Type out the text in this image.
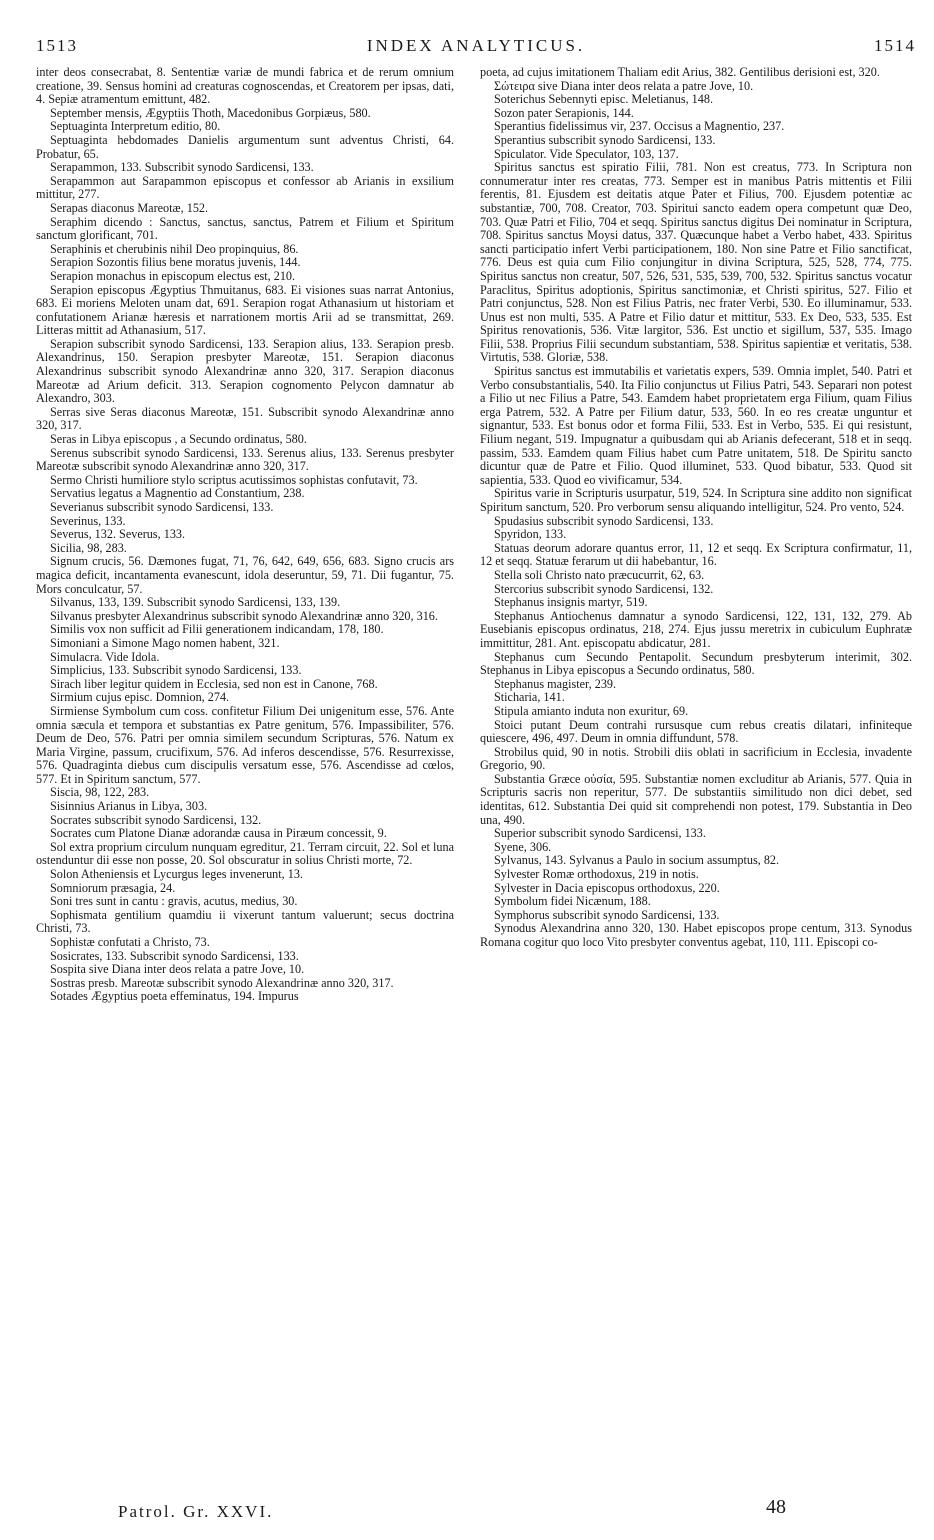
1513	INDEX ANALYTICUS.	1514

inter deos consecrabat, 8. Sententiæ variæ de mundi fabrica et de rerum omnium creatione, 39. Sensus homini ad creaturas cognoscendas, et Creatorem per ipsas, dati, 4. Sepiæ atramentum emittunt, 482.

September mensis, Ægyptiis Thoth, Macedonibus Gorpiæus, 580.

Septuaginta Interpretum editio, 80.

Septuaginta hebdomades Danielis argumentum sunt adventus Christi, 64. Probatur, 65.

Serapammon, 133. Subscribit synodo Sardicensi, 133.

Serapammon aut Sarapammon episcopus et confessor ab Arianis in exsilium mittitur, 277.

Serapas diaconus Mareotæ, 152.

Seraphim dicendo : Sanctus, sanctus, sanctus, Patrem et Filium et Spiritum sanctum glorificant, 701.

Seraphinis et cherubinis nihil Deo propinquius, 86.

Serapion Sozontis filius bene moratus juvenis, 144.

Serapion monachus in episcopum electus est, 210.

Serapion episcopus Ægyptius Thmuitanus, 683. Ei visiones suas narrat Antonius, 683. Ei moriens Meloten unam dat, 691. Serapion rogat Athanasium ut historiam et confutationem Arianæ hæresis et narrationem mortis Arii ad se transmittat, 269. Litteras mittit ad Athanasium, 517.

Serapion subscribit synodo Sardicensi, 133. Serapion alius, 133. Serapion presb. Alexandrinus, 150. Serapion presbyter Mareotæ, 151. Serapion diaconus Alexandrinus subscribit synodo Alexandrinæ anno 320, 317. Serapion diaconus Mareotæ ad Arium deficit. 313. Serapion cognomento Pelycon damnatur ab Alexandro, 303.

Serras sive Seras diaconus Mareotæ, 151. Subscribit synodo Alexandrinæ anno 320, 317.

Seras in Libya episcopus , a Secundo ordinatus, 580.

Serenus subscribit synodo Sardicensi, 133. Serenus alius, 133. Serenus presbyter Mareotæ subscribit synodo Alexandrinæ anno 320, 317.

Sermo Christi humiliore stylo scriptus acutissimos sophistas confutavit, 73.

Servatius legatus a Magnentio ad Constantium, 238.

Severianus subscribit synodo Sardicensi, 133.

Severinus, 133.

Severus, 132. Severus, 133.

Sicilia, 98, 283.

Signum crucis, 56. Dæmones fugat, 71, 76, 642, 649, 656, 683. Signo crucis ars magica deficit, incantamenta evanescunt, idola deseruntur, 59, 71. Dii fugantur, 75. Mors conculcatur, 57.

Silvanus, 133, 139. Subscribit synodo Sardicensi, 133, 139.

Silvanus presbyter Alexandrinus subscribit synodo Alexandrinæ anno 320, 316.

Similis vox non sufficit ad Filii generationem indicandam, 178, 180.

Simoniani a Simone Mago nomen habent, 321.

Simulacra. Vide Idola.

Simplicius, 133. Subscribit synodo Sardicensi, 133.

Sirach liber legitur quidem in Ecclesia, sed non est in Canone, 768.

Sirmium cujus episc. Domnion, 274.

Sirmiense Symbolum cum coss. confitetur Filium Dei unigenitum esse, 576. Ante omnia sæcula et tempora et substantias ex Patre genitum, 576. Impassibiliter, 576. Deum de Deo, 576. Patri per omnia similem secundum Scripturas, 576. Natum ex Maria Virgine, passum, crucifixum, 576. Ad inferos descendisse, 576. Resurrexisse, 576. Quadraginta diebus cum discipulis versatum esse, 576. Ascendisse ad cœlos, 577. Et in Spiritum sanctum, 577.

Siscia, 98, 122, 283.

Sisinnius Arianus in Libya, 303.

Socrates subscribit synodo Sardicensi, 132.

Socrates cum Platone Dianæ adorandæ causa in Piræum concessit, 9.

Sol extra proprium circulum nunquam egreditur, 21. Terram circuit, 22. Sol et luna ostenduntur dii esse non posse, 20. Sol obscuratur in solius Christi morte, 72.

Solon Atheniensis et Lycurgus leges invenerunt, 13.

Somniorum præsagia, 24.

Soni tres sunt in cantu : gravis, acutus, medius, 30.

Sophismata gentilium quamdiu ii vixerunt tantum valuerunt; secus doctrina Christi, 73.

Sophistæ confutati a Christo, 73.

Sosicrates, 133. Subscribit synodo Sardicensi, 133.

Sospita sive Diana inter deos relata a patre Jove, 10.

Sostras presb. Mareotæ subscribit synodo Alexandrinæ anno 320, 317.

Sotades Ægyptius poeta effeminatus, 194. Impurus

poeta, ad cujus imitationem Thaliam edit Arius, 382. Gentilibus derisioni est, 320.

Σώτειρα sive Diana inter deos relata a patre Jove, 10.

Soterichus Sebennyti episc. Meletianus, 148.

Sozon pater Serapionis, 144.

Sperantius fidelissimus vir, 237. Occisus a Magnentio, 237.

Sperantius subscribit synodo Sardicensi, 133.

Spiculator. Vide Speculator, 103, 137.

Spiritus sanctus est spiratio Filii, 781. Non est creatus, 773. In Scriptura non connumeratur inter res creatas, 773. Semper est in manibus Patris mittentis et Filii ferentis, 81. Ejusdem est deitatis atque Pater et Filius, 700. Ejusdem potentiæ ac substantiæ, 700, 708. Creator, 703. Spiritui sancto eadem opera competunt quæ Deo, 703. Quæ Patri et Filio, 704 et seqq. Spiritus sanctus digitus Dei nominatur in Scriptura, 708. Spiritus sanctus Moysi datus, 337. Quæcunque habet a Verbo habet, 433. Spiritus sancti participatio infert Verbi participationem, 180. Non sine Patre et Filio sanctificat, 776. Deus est quia cum Filio conjungitur in divina Scriptura, 525, 528, 774, 775. Spiritus sanctus non creatur, 507, 526, 531, 535, 539, 700, 532. Spiritus sanctus vocatur Paraclitus, Spiritus adoptionis, Spiritus sanctimoniæ, et Christi spiritus, 527. Filio et Patri conjunctus, 528. Non est Filius Patris, nec frater Verbi, 530. Eo illuminamur, 533. Unus est non multi, 535. A Patre et Filio datur et mittitur, 533. Ex Deo, 533, 535. Est Spiritus renovationis, 536. Vitæ largitor, 536. Est unctio et sigillum, 537, 535. Imago Filii, 538. Proprius Filii secundum substantiam, 538. Spiritus sapientiæ et veritatis, 538. Virtutis, 538. Gloriæ, 538.

Spiritus sanctus est immutabilis et varietatis expers, 539. Omnia implet, 540. Patri et Verbo consubstantialis, 540. Ita Filio conjunctus ut Filius Patri, 543. Separari non potest a Filio ut nec Filius a Patre, 543. Eamdem habet proprietatem erga Filium, quam Filius erga Patrem, 532. A Patre per Filium datur, 533, 560. In eo res creatæ unguntur et signantur, 533. Est bonus odor et forma Filii, 533. Est in Verbo, 535. Ei qui resistunt, Filium negant, 519. Impugnatur a quibusdam qui ab Arianis defecerant, 518 et in seqq. passim, 533. Eamdem quam Filius habet cum Patre unitatem, 518. De Spiritu sancto dicuntur quæ de Patre et Filio. Quod illuminet, 533. Quod bibatur, 533. Quod sit sapientia, 533. Quod eo vivificamur, 534.

Spiritus varie in Scripturis usurpatur, 519, 524. In Scriptura sine addito non significat Spiritum sanctum, 520. Pro verborum sensu aliquando intelligitur, 524. Pro vento, 524.

Spudasius subscribit synodo Sardicensi, 133.

Spyridon, 133.

Statuas deorum adorare quantus error, 11, 12 et seqq. Ex Scriptura confirmatur, 11, 12 et seqq. Statuæ ferarum ut dii habebantur, 16.

Stella soli Christo nato præcucurrit, 62, 63.

Stercorius subscribit synodo Sardicensi, 132.

Stephanus insignis martyr, 519.

Stephanus Antiochenus damnatur a synodo Sardicensi, 122, 131, 132, 279. Ab Eusebianis episcopus ordinatus, 218, 274. Ejus jussu meretrix in cubiculum Euphratæ immittitur, 281. Ant. episcopatu abdicatur, 281.

Stephanus cum Secundo Pentapolit. Secundum presbyterum interimit, 302. Stephanus in Libya episcopus a Secundo ordinatus, 580.

Stephanus magister, 239.

Sticharia, 141.

Stipula amianto induta non exuritur, 69.

Stoici putant Deum contrahi rursusque cum rebus creatis dilatari, infiniteque quiescere, 496, 497. Deum in omnia diffundunt, 578.

Strobilus quid, 90 in notis. Strobili diis oblati in sacrificium in Ecclesia, invadente Gregorio, 90.

Substantia Græce οὐσία, 595. Substantiæ nomen excluditur ab Arianis, 577. Quia in Scripturis sacris non reperitur, 577. De substantiis similitudo non dici debet, sed identitas, 612. Substantia Dei quid sit comprehendi non potest, 179. Substantia in Deo una, 490.

Superior subscribit synodo Sardicensi, 133.

Syene, 306.

Sylvanus, 143. Sylvanus a Paulo in socium assumptus, 82.

Sylvester Romæ orthodoxus, 219 in notis.

Sylvester in Dacia episcopus orthodoxus, 220.

Symbolum fidei Nicænum, 188.

Symphorus subscribit synodo Sardicensi, 133.

Synodus Alexandrina anno 320, 130. Habet episcopos prope centum, 313. Synodus Romana cogitur quo loco Vito presbyter conventus agebat, 110, 111. Episcopi co-

Patrol. Gr. XXVI.	48
